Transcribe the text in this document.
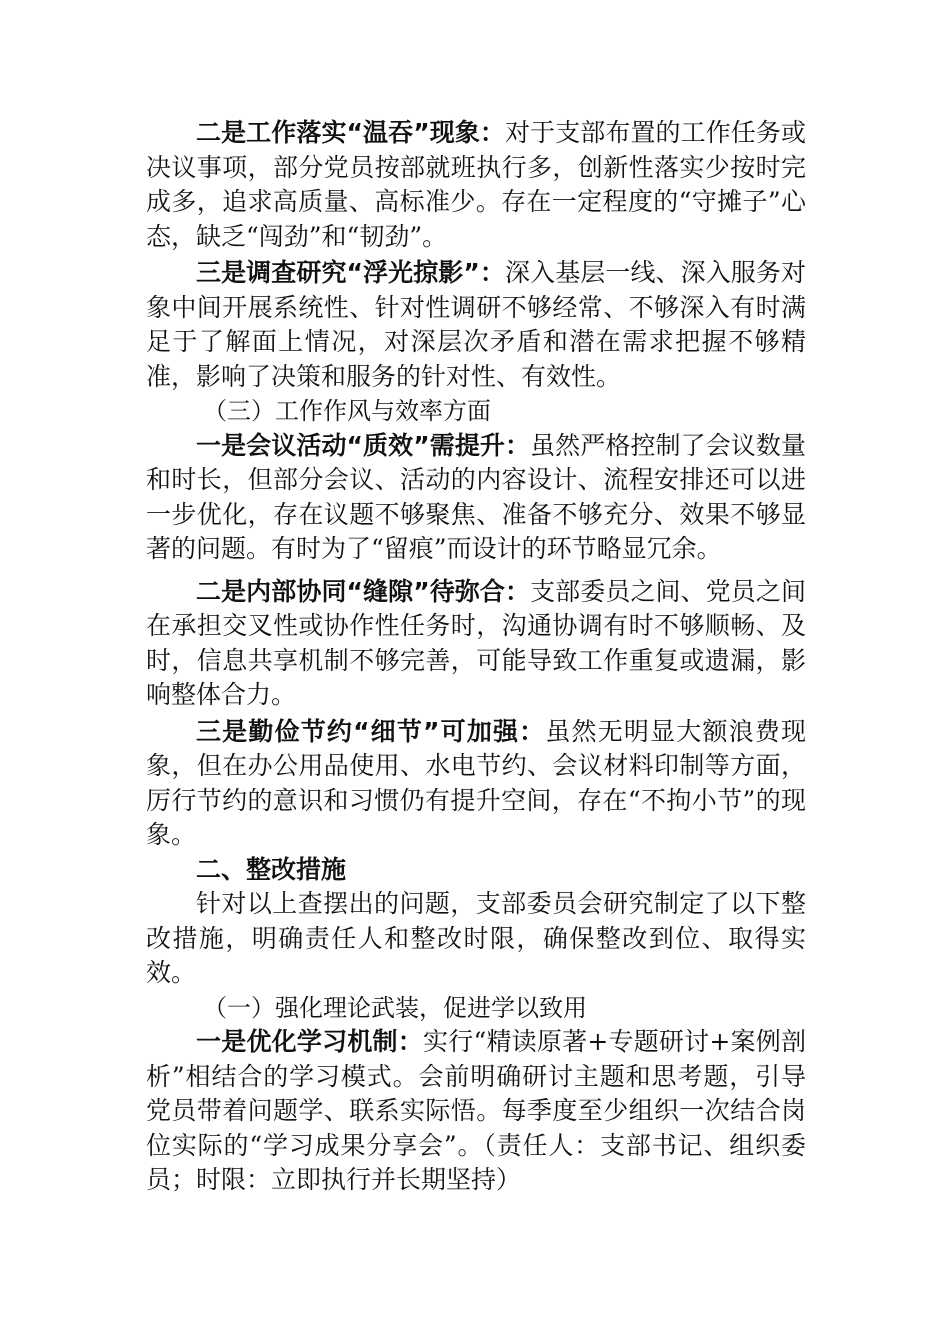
二是工作落实“温吞”现象：对于支部布置的工作任务或决议事项，部分党员按部就班执行多，创新性落实少按时完成多，追求高质量、高标准少。存在一定程度的“守摊子”心态，缺乏“闯劲”和“韧劲”。

三是调查研究“浮光掠影”：深入基层一线、深入服务对象中间开展系统性、针对性调研不够经常、不够深入有时满足于了解面上情况，对深层次矛盾和潜在需求把握不够精准，影响了决策和服务的针对性、有效性。

（三）工作作风与效率方面

一是会议活动“质效”需提升：虽然严格控制了会议数量和时长，但部分会议、活动的内容设计、流程安排还可以进一步优化，存在议题不够聚焦、准备不够充分、效果不够显著的问题。有时为了“留痕”而设计的环节略显冗余。

二是内部协同“缝隙”待弥合：支部委员之间、党员之间在承担交叉性或协作性任务时，沟通协调有时不够顺畅、及时，信息共享机制不够完善，可能导致工作重复或遗漏，影响整体合力。

三是勤俭节约“细节”可加强：虽然无明显大额浪费现象，但在办公用品使用、水电节约、会议材料印制等方面，厉行节约的意识和习惯仍有提升空间，存在“不拘小节”的现象。

二、整改措施

针对以上查摆出的问题，支部委员会研究制定了以下整改措施，明确责任人和整改时限，确保整改到位、取得实效。

（一）强化理论武装，促进学以致用

一是优化学习机制：实行“精读原著+专题研讨+案例剖析”相结合的学习模式。会前明确研讨主题和思考题，引导党员带着问题学、联系实际悟。每季度至少组织一次结合岗位实际的“学习成果分享会”。（责任人：支部书记、组织委员；时限：立即执行并长期坚持）
